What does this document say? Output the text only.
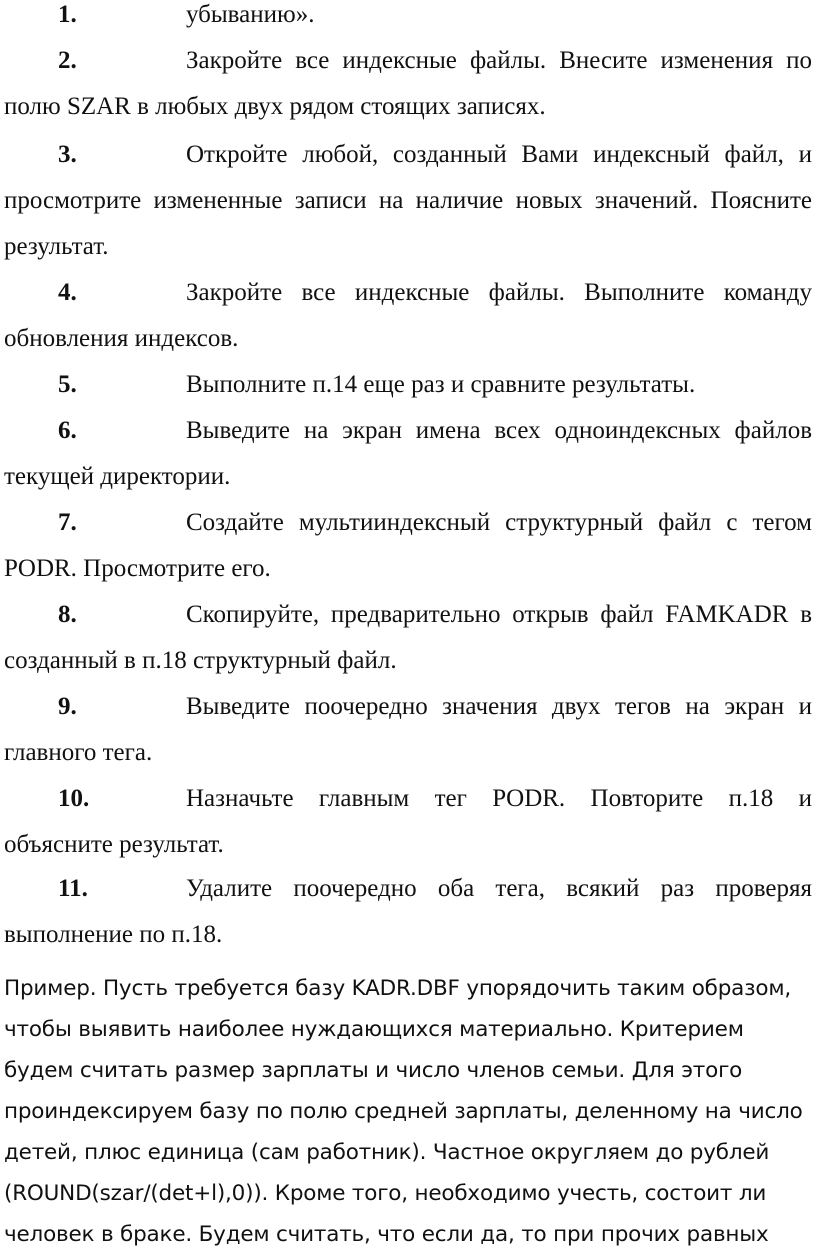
1.	убыванию».
2.	Закройте все индексные файлы. Внесите изменения по полю SZAR в любых двух рядом стоящих записях.
3.	Откройте любой, созданный Вами индексный файл, и просмотрите измененные записи на наличие новых значений. Поясните результат.
4.	Закройте все индексные файлы. Выполните команду обновления индексов.
5.	Выполните п.14 еще раз и сравните результаты.
6.	Выведите на экран имена всех одноиндексных файлов текущей директории.
7.	Создайте мультииндексный структурный файл с тегом PODR. Просмотрите его.
8.	Скопируйте, предварительно открыв файл FAMKADR в созданный в п.18 структурный файл.
9.	Выведите поочередно значения двух тегов на экран и главного тега.
10.	Назначьте главным тег PODR. Повторите п.18 и объясните результат.
11.	Удалите поочередно оба тега, всякий раз проверяя выполнение по п.18.
Пример. Пусть требуется базу KADR.DBF упорядочить таким образом, чтобы выявить наиболее нуждающихся материально. Критерием будем считать размер зарплаты и число членов семьи. Для этого проиндексируем базу по полю средней зарплаты, деленному на число детей, плюс единица (сам работник). Частное округляем до рублей (ROUND(szar/(det+l),0)). Кроме того, необходимо учесть, состоит ли человек в браке. Будем считать, что если да, то при прочих равных
